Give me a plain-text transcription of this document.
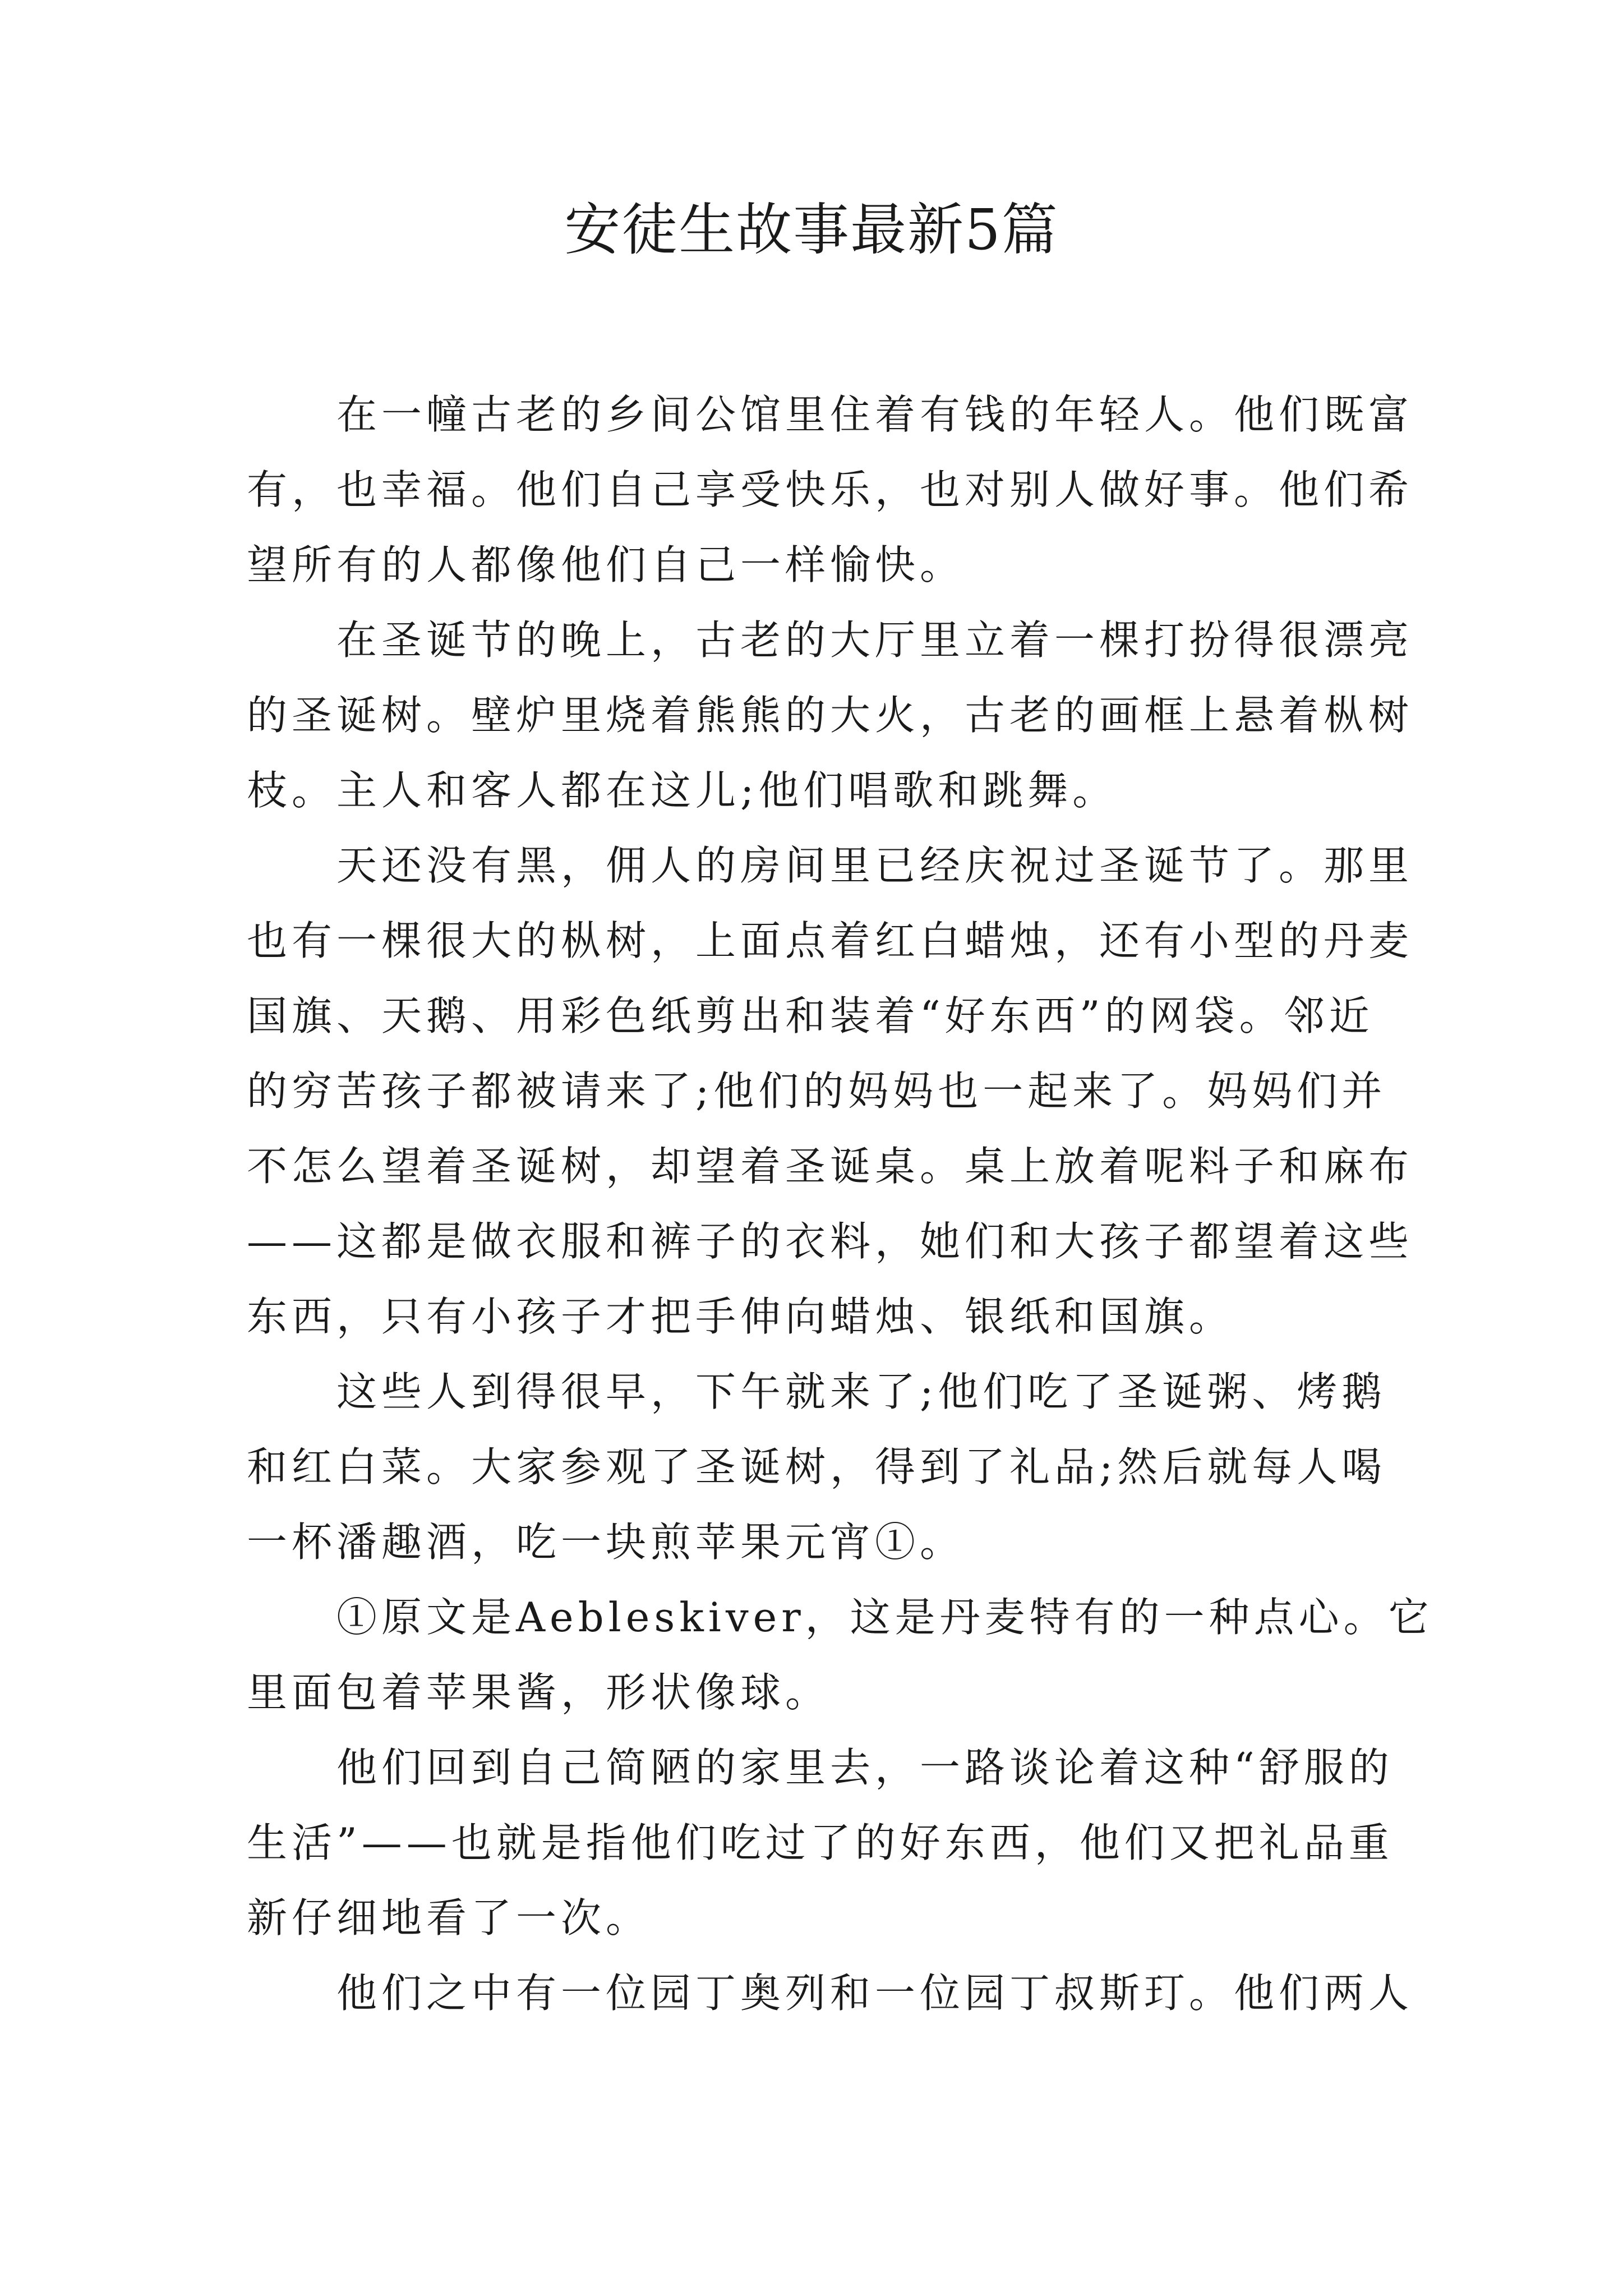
安徒生故事最新5篇
在一幢古老的乡间公馆里住着有钱的年轻人。他们既富
有，也幸福。他们自己享受快乐，也对别人做好事。他们希
望所有的人都像他们自己一样愉快。
在圣诞节的晚上，古老的大厅里立着一棵打扮得很漂亮
的圣诞树。壁炉里烧着熊熊的大火，古老的画框上悬着枞树
枝。主人和客人都在这儿;他们唱歌和跳舞。
天还没有黑，佣人的房间里已经庆祝过圣诞节了。那里
也有一棵很大的枞树，上面点着红白蜡烛，还有小型的丹麦
国旗、天鹅、用彩色纸剪出和装着“好东西”的网袋。邻近
的穷苦孩子都被请来了;他们的妈妈也一起来了。妈妈们并
不怎么望着圣诞树，却望着圣诞桌。桌上放着呢料子和麻布
——这都是做衣服和裤子的衣料，她们和大孩子都望着这些
东西，只有小孩子才把手伸向蜡烛、银纸和国旗。
这些人到得很早，下午就来了;他们吃了圣诞粥、烤鹅
和红白菜。大家参观了圣诞树，得到了礼品;然后就每人喝
一杯潘趣酒，吃一块煎苹果元宵①。
①原文是Aebleskiver，这是丹麦特有的一种点心。它
里面包着苹果酱，形状像球。
他们回到自己简陋的家里去，一路谈论着这种“舒服的
生活”——也就是指他们吃过了的好东西，他们又把礼品重
新仔细地看了一次。
他们之中有一位园丁奥列和一位园丁叔斯玎。他们两人
